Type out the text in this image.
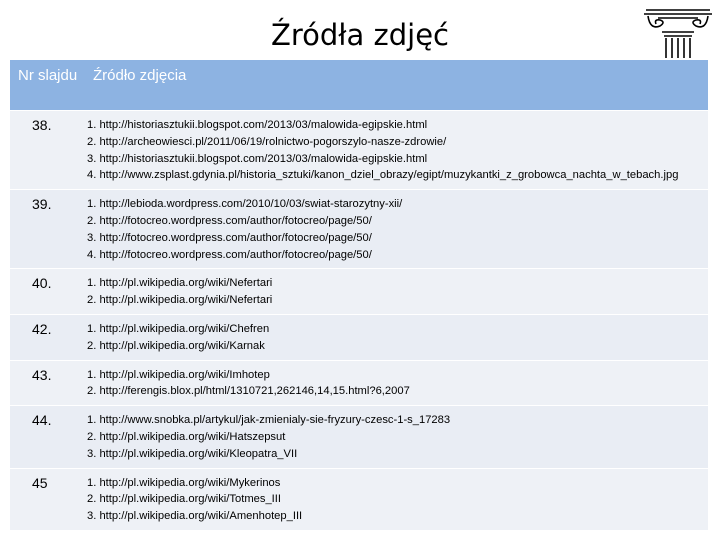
Źródła zdjęć
Nr slajdu	Źródło zdjęcia
38.	1. http://historiasztukii.blogspot.com/2013/03/malowida-egipskie.html
2. http://archeowiesci.pl/2011/06/19/rolnictwo-pogorszylo-nasze-zdrowie/
3. http://historiasztukii.blogspot.com/2013/03/malowida-egipskie.html
4. http://www.zsplast.gdynia.pl/historia_sztuki/kanon_dziel_obrazy/egipt/muzykantki_z_grobowca_nachta_w_tebach.jpg

39.	1. http://lebioda.wordpress.com/2010/10/03/swiat-starozytny-xii/
2. http://fotocreo.wordpress.com/author/fotocreo/page/50/
3. http://fotocreo.wordpress.com/author/fotocreo/page/50/
4. http://fotocreo.wordpress.com/author/fotocreo/page/50/

40.	1. http://pl.wikipedia.org/wiki/Nefertari
2. http://pl.wikipedia.org/wiki/Nefertari

42.	1. http://pl.wikipedia.org/wiki/Chefren
2. http://pl.wikipedia.org/wiki/Karnak

43.	1. http://pl.wikipedia.org/wiki/Imhotep
2. http://ferengis.blox.pl/html/1310721,262146,14,15.html?6,2007

44.	1. http://www.snobka.pl/artykul/jak-zmienialy-sie-fryzury-czesc-1-s_17283
2. http://pl.wikipedia.org/wiki/Hatszepsut
3. http://pl.wikipedia.org/wiki/Kleopatra_VII

45	1. http://pl.wikipedia.org/wiki/Mykerinos
2. http://pl.wikipedia.org/wiki/Totmes_III
3. http://pl.wikipedia.org/wiki/Amenhotep_III
